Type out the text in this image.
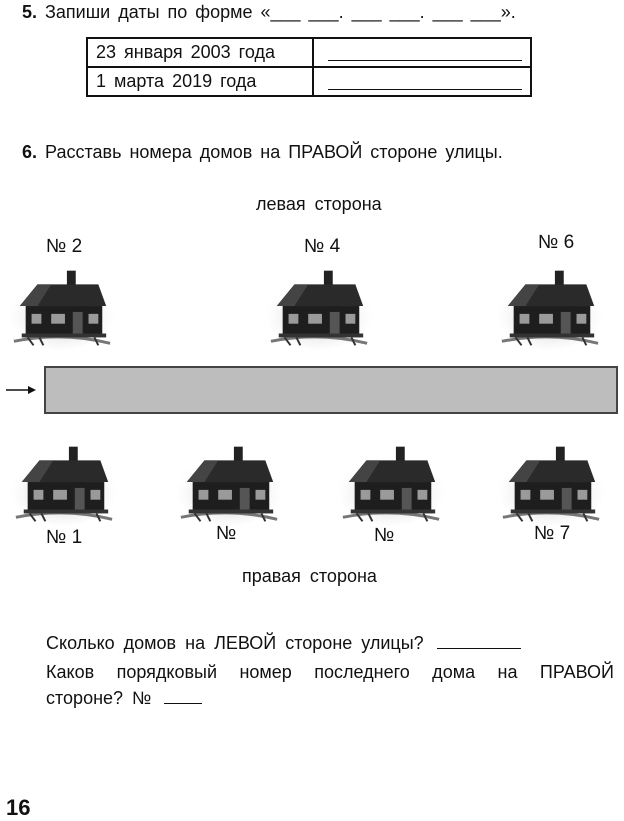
5. Запиши даты по форме «___ ___. ___ ___. ___ ___».
23 января 2003 года	

1 марта 2019 года	
6. Расставь номера домов на ПРАВОЙ стороне улицы.
левая сторона
№ 2	№ 4	№ 6
№ 1	№	№	№ 7
правая сторона
Сколько домов на ЛЕВОЙ стороне улицы?
Каков порядковый номер последнего дома на ПРАВОЙ
стороне? №
16
